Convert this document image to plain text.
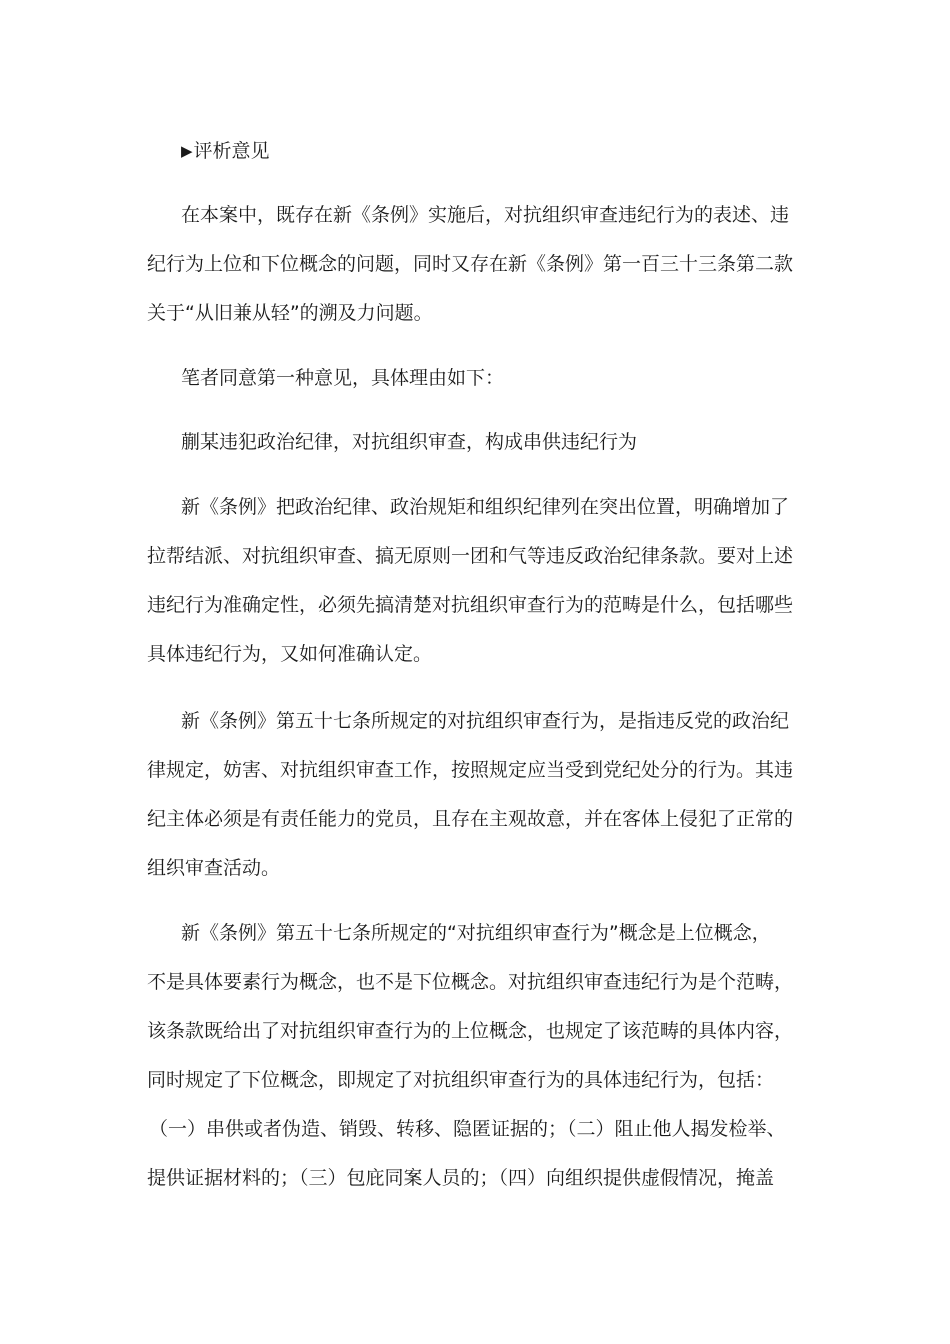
▶评析意见

在本案中，既存在新《条例》实施后，对抗组织审查违纪行为的表述、违

纪行为上位和下位概念的问题，同时又存在新《条例》第一百三十三条第二款

关于“从旧兼从轻”的溯及力问题。

笔者同意第一种意见，具体理由如下：

蒯某违犯政治纪律，对抗组织审查，构成串供违纪行为

新《条例》把政治纪律、政治规矩和组织纪律列在突出位置，明确增加了

拉帮结派、对抗组织审查、搞无原则一团和气等违反政治纪律条款。要对上述

违纪行为准确定性，必须先搞清楚对抗组织审查行为的范畴是什么，包括哪些

具体违纪行为，又如何准确认定。

新《条例》第五十七条所规定的对抗组织审查行为，是指违反党的政治纪

律规定，妨害、对抗组织审查工作，按照规定应当受到党纪处分的行为。其违

纪主体必须是有责任能力的党员，且存在主观故意，并在客体上侵犯了正常的

组织审查活动。

新《条例》第五十七条所规定的“对抗组织审查行为”概念是上位概念，

不是具体要素行为概念，也不是下位概念。对抗组织审查违纪行为是个范畴，

该条款既给出了对抗组织审查行为的上位概念，也规定了该范畴的具体内容，

同时规定了下位概念，即规定了对抗组织审查行为的具体违纪行为，包括：

（一）串供或者伪造、销毁、转移、隐匿证据的；（二）阻止他人揭发检举、

提供证据材料的；（三）包庇同案人员的；（四）向组织提供虚假情况，掩盖
